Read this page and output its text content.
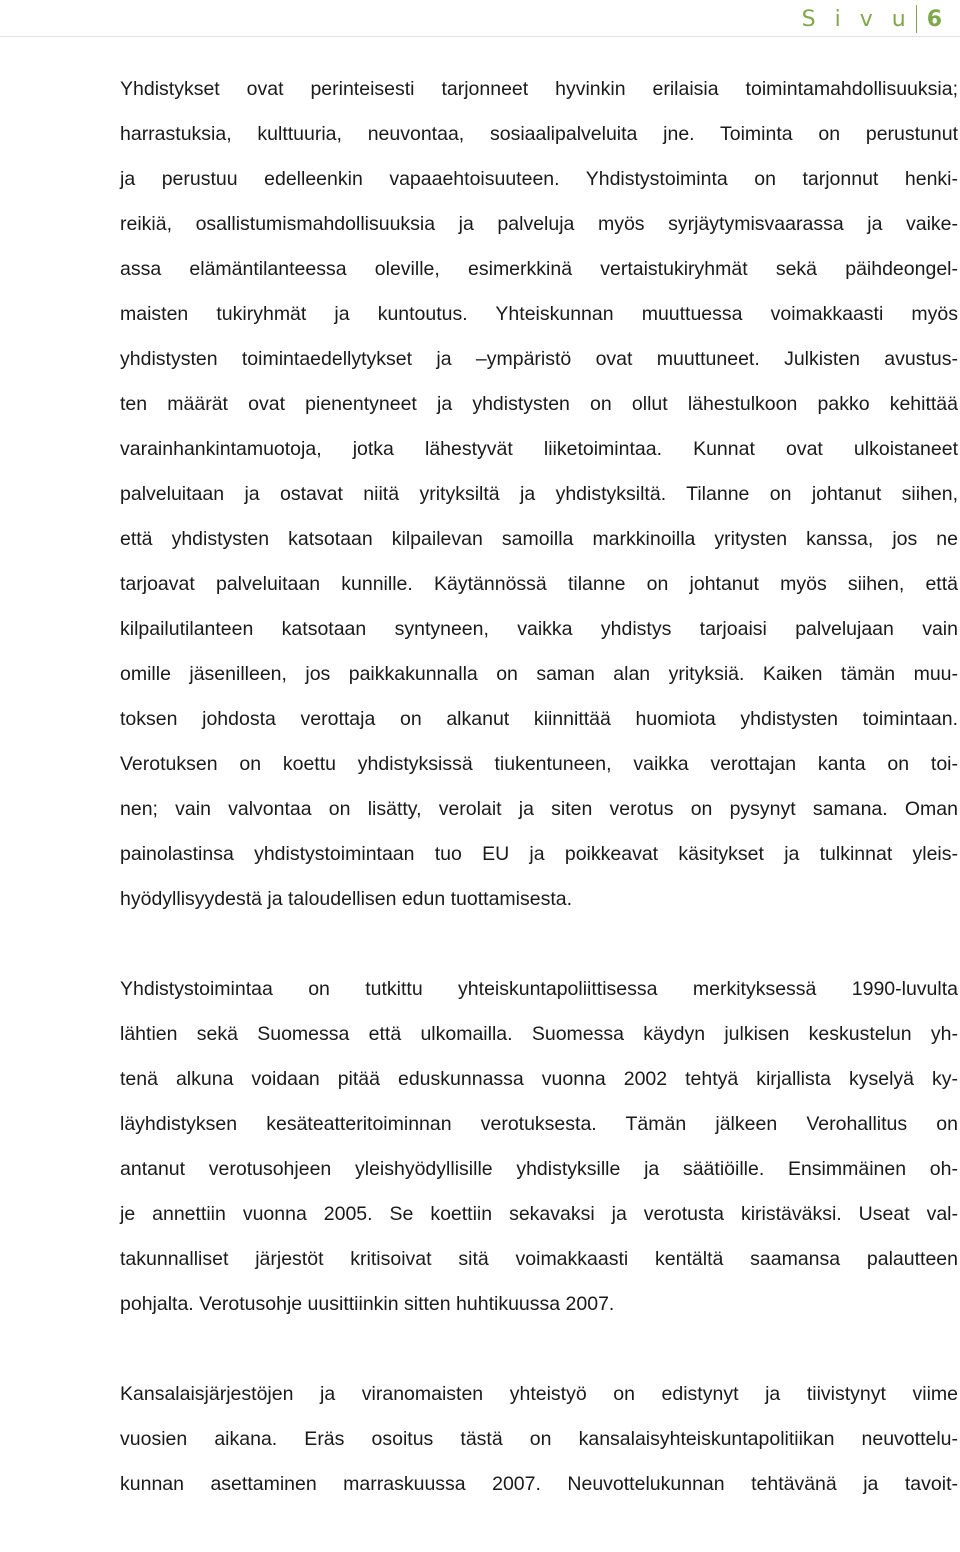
S i v u 6
Yhdistykset ovat perinteisesti tarjonneet hyvinkin erilaisia toimintamahdollisuuksia;
harrastuksia, kulttuuria, neuvontaa, sosiaalipalveluita jne. Toiminta on perustunut
ja perustuu edelleenkin vapaaehtoisuuteen. Yhdistystoiminta on tarjonnut henki-
reikiä, osallistumismahdollisuuksia ja palveluja myös syrjäytymisvaarassa ja vaike-
assa elämäntilanteessa oleville, esimerkkinä vertaistukiryhmät sekä päihdeongel-
maisten tukiryhmät ja kuntoutus. Yhteiskunnan muuttuessa voimakkaasti myös
yhdistysten toimintaedellytykset ja –ympäristö ovat muuttuneet. Julkisten avustus-
ten määrät ovat pienentyneet ja yhdistysten on ollut lähestulkoon pakko kehittää
varainhankintamuotoja, jotka lähestyvät liiketoimintaa. Kunnat ovat ulkoistaneet
palveluitaan ja ostavat niitä yrityksiltä ja yhdistyksiltä. Tilanne on johtanut siihen,
että yhdistysten katsotaan kilpailevan samoilla markkinoilla yritysten kanssa, jos ne
tarjoavat palveluitaan kunnille. Käytännössä tilanne on johtanut myös siihen, että
kilpailutilanteen katsotaan syntyneen, vaikka yhdistys tarjoaisi palvelujaan vain
omille jäsenilleen, jos paikkakunnalla on saman alan yrityksiä. Kaiken tämän muu-
toksen johdosta verottaja on alkanut kiinnittää huomiota yhdistysten toimintaan.
Verotuksen on koettu yhdistyksissä tiukentuneen, vaikka verottajan kanta on toi-
nen; vain valvontaa on lisätty, verolait ja siten verotus on pysynyt samana. Oman
painolastinsa yhdistystoimintaan tuo EU ja poikkeavat käsitykset ja tulkinnat yleis-
hyödyllisyydestä ja taloudellisen edun tuottamisesta.
Yhdistystoimintaa on tutkittu yhteiskuntapoliittisessa merkityksessä 1990-luvulta
lähtien sekä Suomessa että ulkomailla. Suomessa käydyn julkisen keskustelun yh-
tenä alkuna voidaan pitää eduskunnassa vuonna 2002 tehtyä kirjallista kyselyä ky-
läyhdistyksen kesäteatteritoiminnan verotuksesta. Tämän jälkeen Verohallitus on
antanut verotusohjeen yleishyödyllisille yhdistyksille ja säätiöille. Ensimmäinen oh-
je annettiin vuonna 2005. Se koettiin sekavaksi ja verotusta kiristäväksi. Useat val-
takunnalliset järjestöt kritisoivat sitä voimakkaasti kentältä saamansa palautteen
pohjalta. Verotusohje uusittiinkin sitten huhtikuussa 2007.
Kansalaisjärjestöjen ja viranomaisten yhteistyö on edistynyt ja tiivistynyt viime
vuosien aikana. Eräs osoitus tästä on kansalaisyhteiskuntapolitiikan neuvottelu-
kunnan asettaminen marraskuussa 2007. Neuvottelukunnan tehtävänä ja tavoit-
